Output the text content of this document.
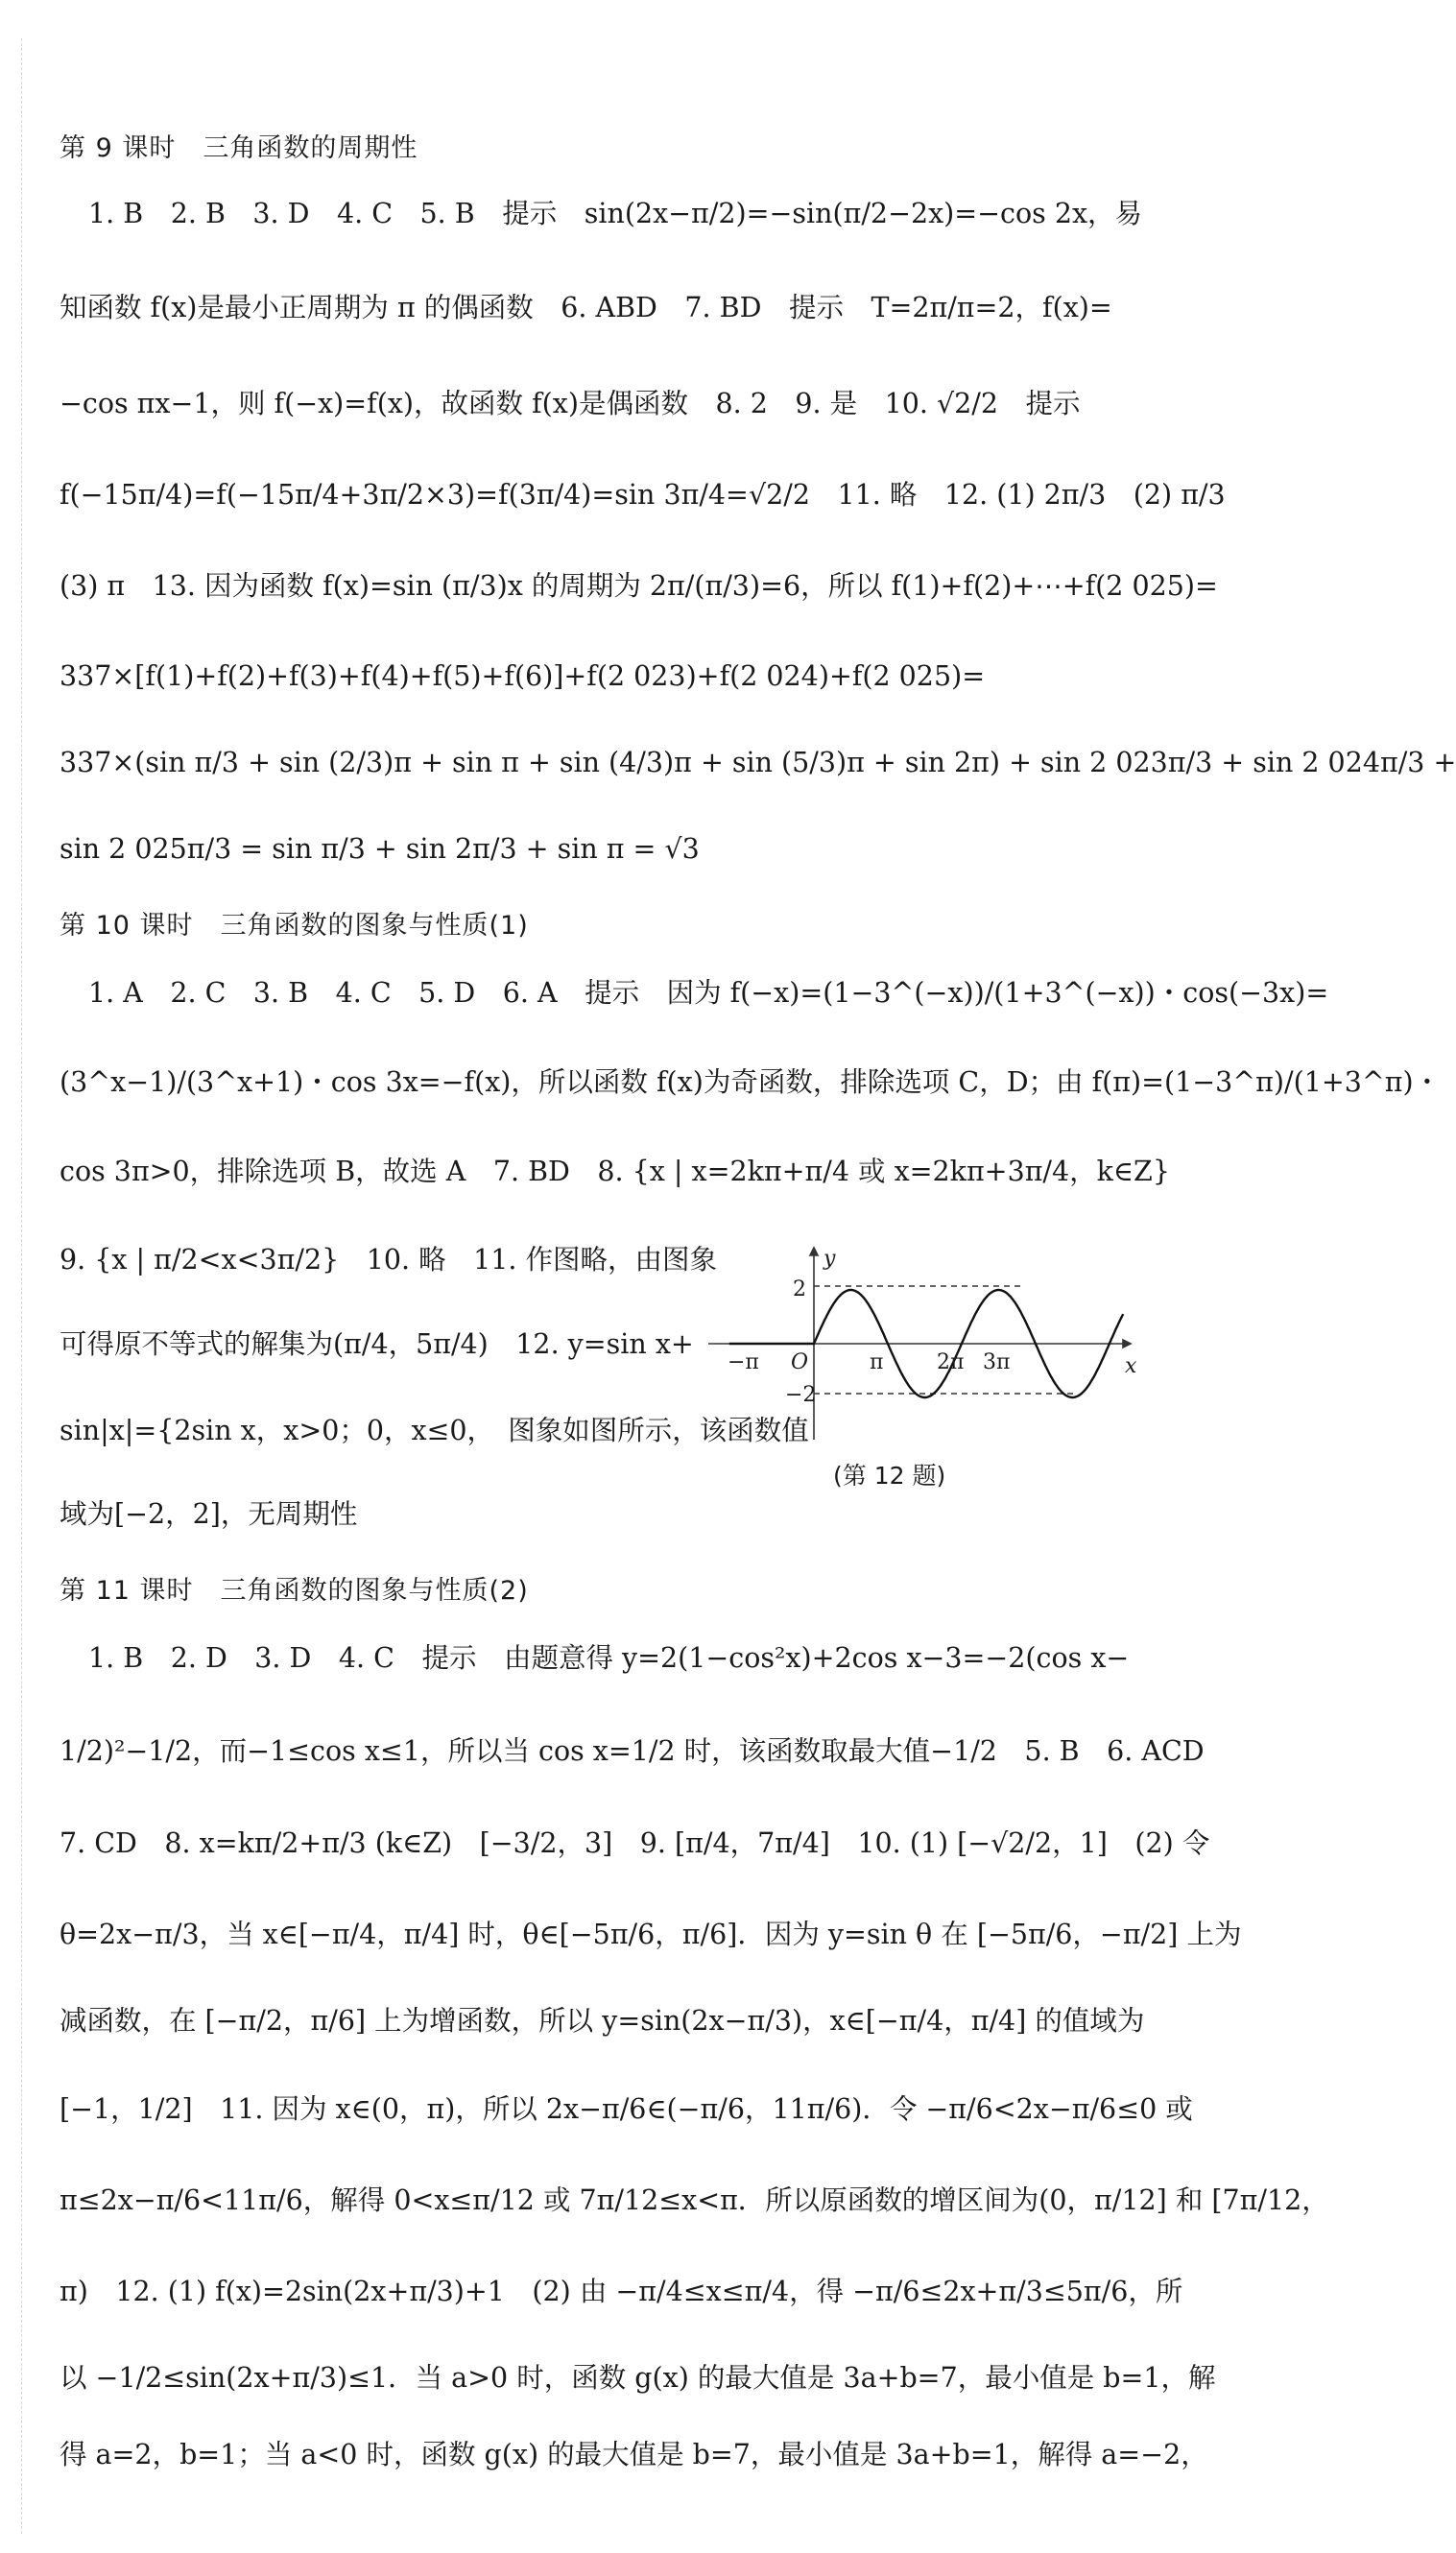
第 9 课时　三角函数的周期性
1. B　2. B　3. D　4. C　5. B　提示　sin(2x−π/2)=−sin(π/2−2x)=−cos 2x，易
知函数 f(x)是最小正周期为 π 的偶函数　6. ABD　7. BD　提示　T=2π/π=2，f(x)=
−cos πx−1，则 f(−x)=f(x)，故函数 f(x)是偶函数　8. 2　9. 是　10. √2/2　提示
f(−15π/4)=f(−15π/4+3π/2×3)=f(3π/4)=sin 3π/4=√2/2　11. 略　12. (1) 2π/3　(2) π/3
(3) π　13. 因为函数 f(x)=sin (π/3)x 的周期为 2π/(π/3)=6，所以 f(1)+f(2)+⋯+f(2 025)=
337×[f(1)+f(2)+f(3)+f(4)+f(5)+f(6)]+f(2 023)+f(2 024)+f(2 025)=
337×(sin π/3 + sin (2/3)π + sin π + sin (4/3)π + sin (5/3)π + sin 2π) + sin 2 023π/3 + sin 2 024π/3 +
sin 2 025π/3 = sin π/3 + sin 2π/3 + sin π = √3
第 10 课时　三角函数的图象与性质(1)
1. A　2. C　3. B　4. C　5. D　6. A　提示　因为 f(−x)=(1−3^(−x))/(1+3^(−x))・cos(−3x)=
(3^x−1)/(3^x+1)・cos 3x=−f(x)，所以函数 f(x)为奇函数，排除选项 C，D；由 f(π)=(1−3^π)/(1+3^π)・
cos 3π>0，排除选项 B，故选 A　7. BD　8. {x | x=2kπ+π/4 或 x=2kπ+3π/4，k∈Z}
9. {x | π/2<x<3π/2}　10. 略　11. 作图略，由图象
可得原不等式的解集为(π/4，5π/4)　12. y=sin x+
sin|x|={2sin x，x>0；0，x≤0，　图象如图所示，该函数值
域为[−2，2]，无周期性
y
x
O
2
−2
−π	π	2π 3π
(第 12 题)
第 11 课时　三角函数的图象与性质(2)
1. B　2. D　3. D　4. C　提示　由题意得 y=2(1−cos²x)+2cos x−3=−2(cos x−
1/2)²−1/2，而−1≤cos x≤1，所以当 cos x=1/2 时，该函数取最大值−1/2　5. B　6. ACD
7. CD　8. x=kπ/2+π/3 (k∈Z)　[−3/2，3]　9. [π/4，7π/4]　10. (1) [−√2/2，1]　(2) 令
θ=2x−π/3，当 x∈[−π/4，π/4] 时，θ∈[−5π/6，π/6]．因为 y=sin θ 在 [−5π/6，−π/2] 上为
减函数，在 [−π/2，π/6] 上为增函数，所以 y=sin(2x−π/3)，x∈[−π/4，π/4] 的值域为
[−1，1/2]　11. 因为 x∈(0，π)，所以 2x−π/6∈(−π/6，11π/6)．令 −π/6<2x−π/6≤0 或
π≤2x−π/6<11π/6，解得 0<x≤π/12 或 7π/12≤x<π．所以原函数的增区间为(0，π/12] 和 [7π/12，
π)　12. (1) f(x)=2sin(2x+π/3)+1　(2) 由 −π/4≤x≤π/4，得 −π/6≤2x+π/3≤5π/6，所
以 −1/2≤sin(2x+π/3)≤1．当 a>0 时，函数 g(x) 的最大值是 3a+b=7，最小值是 b=1，解
得 a=2，b=1；当 a<0 时，函数 g(x) 的最大值是 b=7，最小值是 3a+b=1，解得 a=−2，
